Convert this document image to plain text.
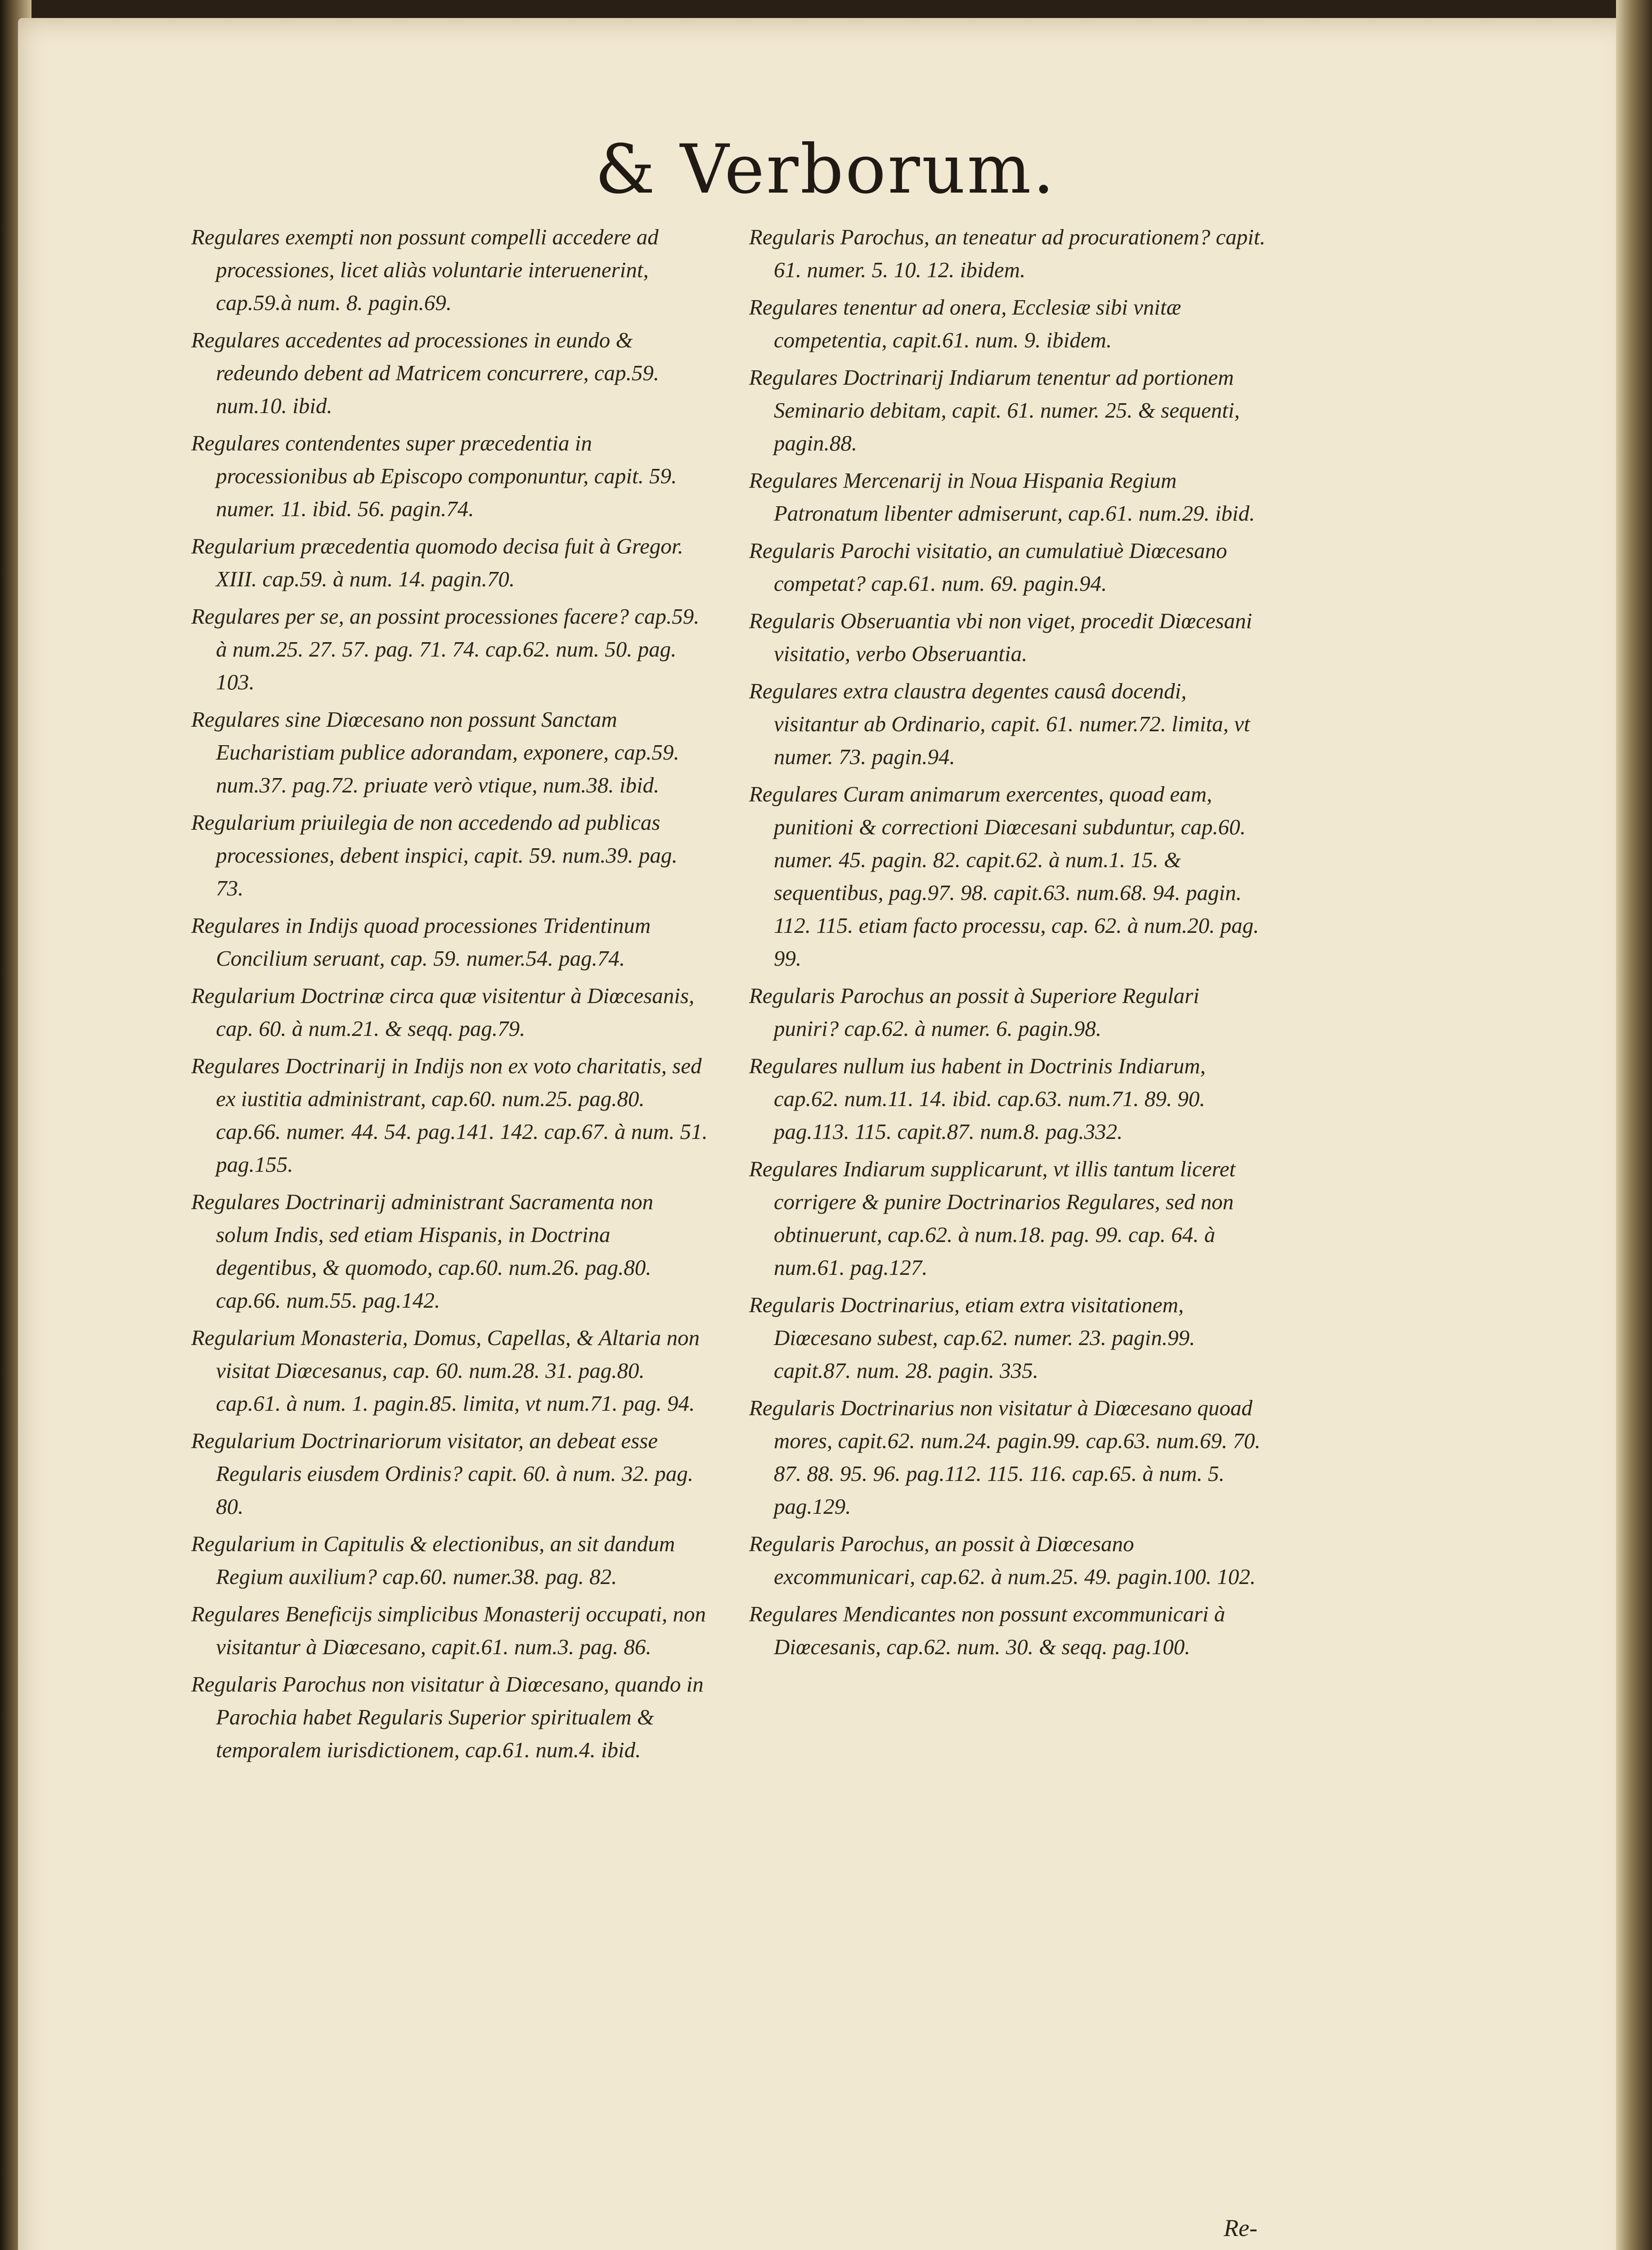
& Verborum.

Regulares exempti non possunt compelli accedere ad processiones, licet aliàs voluntarie interuenerint, cap.59.à num. 8. pagin.69.

Regulares accedentes ad processiones in eundo & redeundo debent ad Matricem concurrere, cap.59. num.10. ibid.

Regulares contendentes super præcedentia in processionibus ab Episcopo componuntur, capit. 59. numer. 11. ibid. 56. pagin.74.

Regularium præcedentia quomodo decisa fuit à Gregor. XIII. cap.59. à num. 14. pagin.70.

Regulares per se, an possint processiones facere? cap.59. à num.25. 27. 57. pag. 71. 74. cap.62. num. 50. pag. 103.

Regulares sine Diœcesano non possunt Sanctam Eucharistiam publice adorandam, exponere, cap.59. num.37. pag.72. priuate verò vtique, num.38. ibid.

Regularium priuilegia de non accedendo ad publicas processiones, debent inspici, capit. 59. num.39. pag. 73.

Regulares in Indijs quoad processiones Tridentinum Concilium seruant, cap. 59. numer.54. pag.74.

Regularium Doctrinæ circa quæ visitentur à Diœcesanis, cap. 60. à num.21. & seqq. pag.79.

Regulares Doctrinarij in Indijs non ex voto charitatis, sed ex iustitia administrant, cap.60. num.25. pag.80. cap.66. numer. 44. 54. pag.141. 142. cap.67. à num. 51. pag.155.

Regulares Doctrinarij administrant Sacramenta non solum Indis, sed etiam Hispanis, in Doctrina degentibus, & quomodo, cap.60. num.26. pag.80. cap.66. num.55. pag.142.

Regularium Monasteria, Domus, Capellas, & Altaria non visitat Diœcesanus, cap. 60. num.28. 31. pag.80. cap.61. à num. 1. pagin.85. limita, vt num.71. pag. 94.

Regularium Doctrinariorum visitator, an debeat esse Regularis eiusdem Ordinis? capit. 60. à num. 32. pag. 80.

Regularium in Capitulis & electionibus, an sit dandum Regium auxilium? cap.60. numer.38. pag. 82.

Regulares Beneficijs simplicibus Monasterij occupati, non visitantur à Diœcesano, capit.61. num.3. pag. 86.

Regularis Parochus non visitatur à Diœcesano, quando in Parochia habet Regularis Superior spiritualem & temporalem iurisdictionem, cap.61. num.4. ibid.

Regularis Parochus, an teneatur ad procurationem? capit. 61. numer. 5. 10. 12. ibidem.

Regulares tenentur ad onera, Ecclesiæ sibi vnitæ competentia, capit.61. num. 9. ibidem.

Regulares Doctrinarij Indiarum tenentur ad portionem Seminario debitam, capit. 61. numer. 25. & sequenti, pagin.88.

Regulares Mercenarij in Noua Hispania Regium Patronatum libenter admiserunt, cap.61. num.29. ibid.

Regularis Parochi visitatio, an cumulatiuè Diœcesano competat? cap.61. num. 69. pagin.94.

Regularis Obseruantia vbi non viget, procedit Diœcesani visitatio, verbo Obseruantia.

Regulares extra claustra degentes causâ docendi, visitantur ab Ordinario, capit. 61. numer.72. limita, vt numer. 73. pagin.94.

Regulares Curam animarum exercentes, quoad eam, punitioni & correctioni Diœcesani subduntur, cap.60. numer. 45. pagin. 82. capit.62. à num.1. 15. & sequentibus, pag.97. 98. capit.63. num.68. 94. pagin. 112. 115. etiam facto processu, cap. 62. à num.20. pag. 99.

Regularis Parochus an possit à Superiore Regulari puniri? cap.62. à numer. 6. pagin.98.

Regulares nullum ius habent in Doctrinis Indiarum, cap.62. num.11. 14. ibid. cap.63. num.71. 89. 90. pag.113. 115. capit.87. num.8. pag.332.

Regulares Indiarum supplicarunt, vt illis tantum liceret corrigere & punire Doctrinarios Regulares, sed non obtinuerunt, cap.62. à num.18. pag. 99. cap. 64. à num.61. pag.127.

Regularis Doctrinarius, etiam extra visitationem, Diœcesano subest, cap.62. numer. 23. pagin.99. capit.87. num. 28. pagin. 335.

Regularis Doctrinarius non visitatur à Diœcesano quoad mores, capit.62. num.24. pagin.99. cap.63. num.69. 70. 87. 88. 95. 96. pag.112. 115. 116. cap.65. à num. 5. pag.129.

Regularis Parochus, an possit à Diœcesano excommunicari, cap.62. à num.25. 49. pagin.100. 102.

Regulares Mendicantes non possunt excommunicari à Diœcesanis, cap.62. num. 30. & seqq. pag.100.

Re-
